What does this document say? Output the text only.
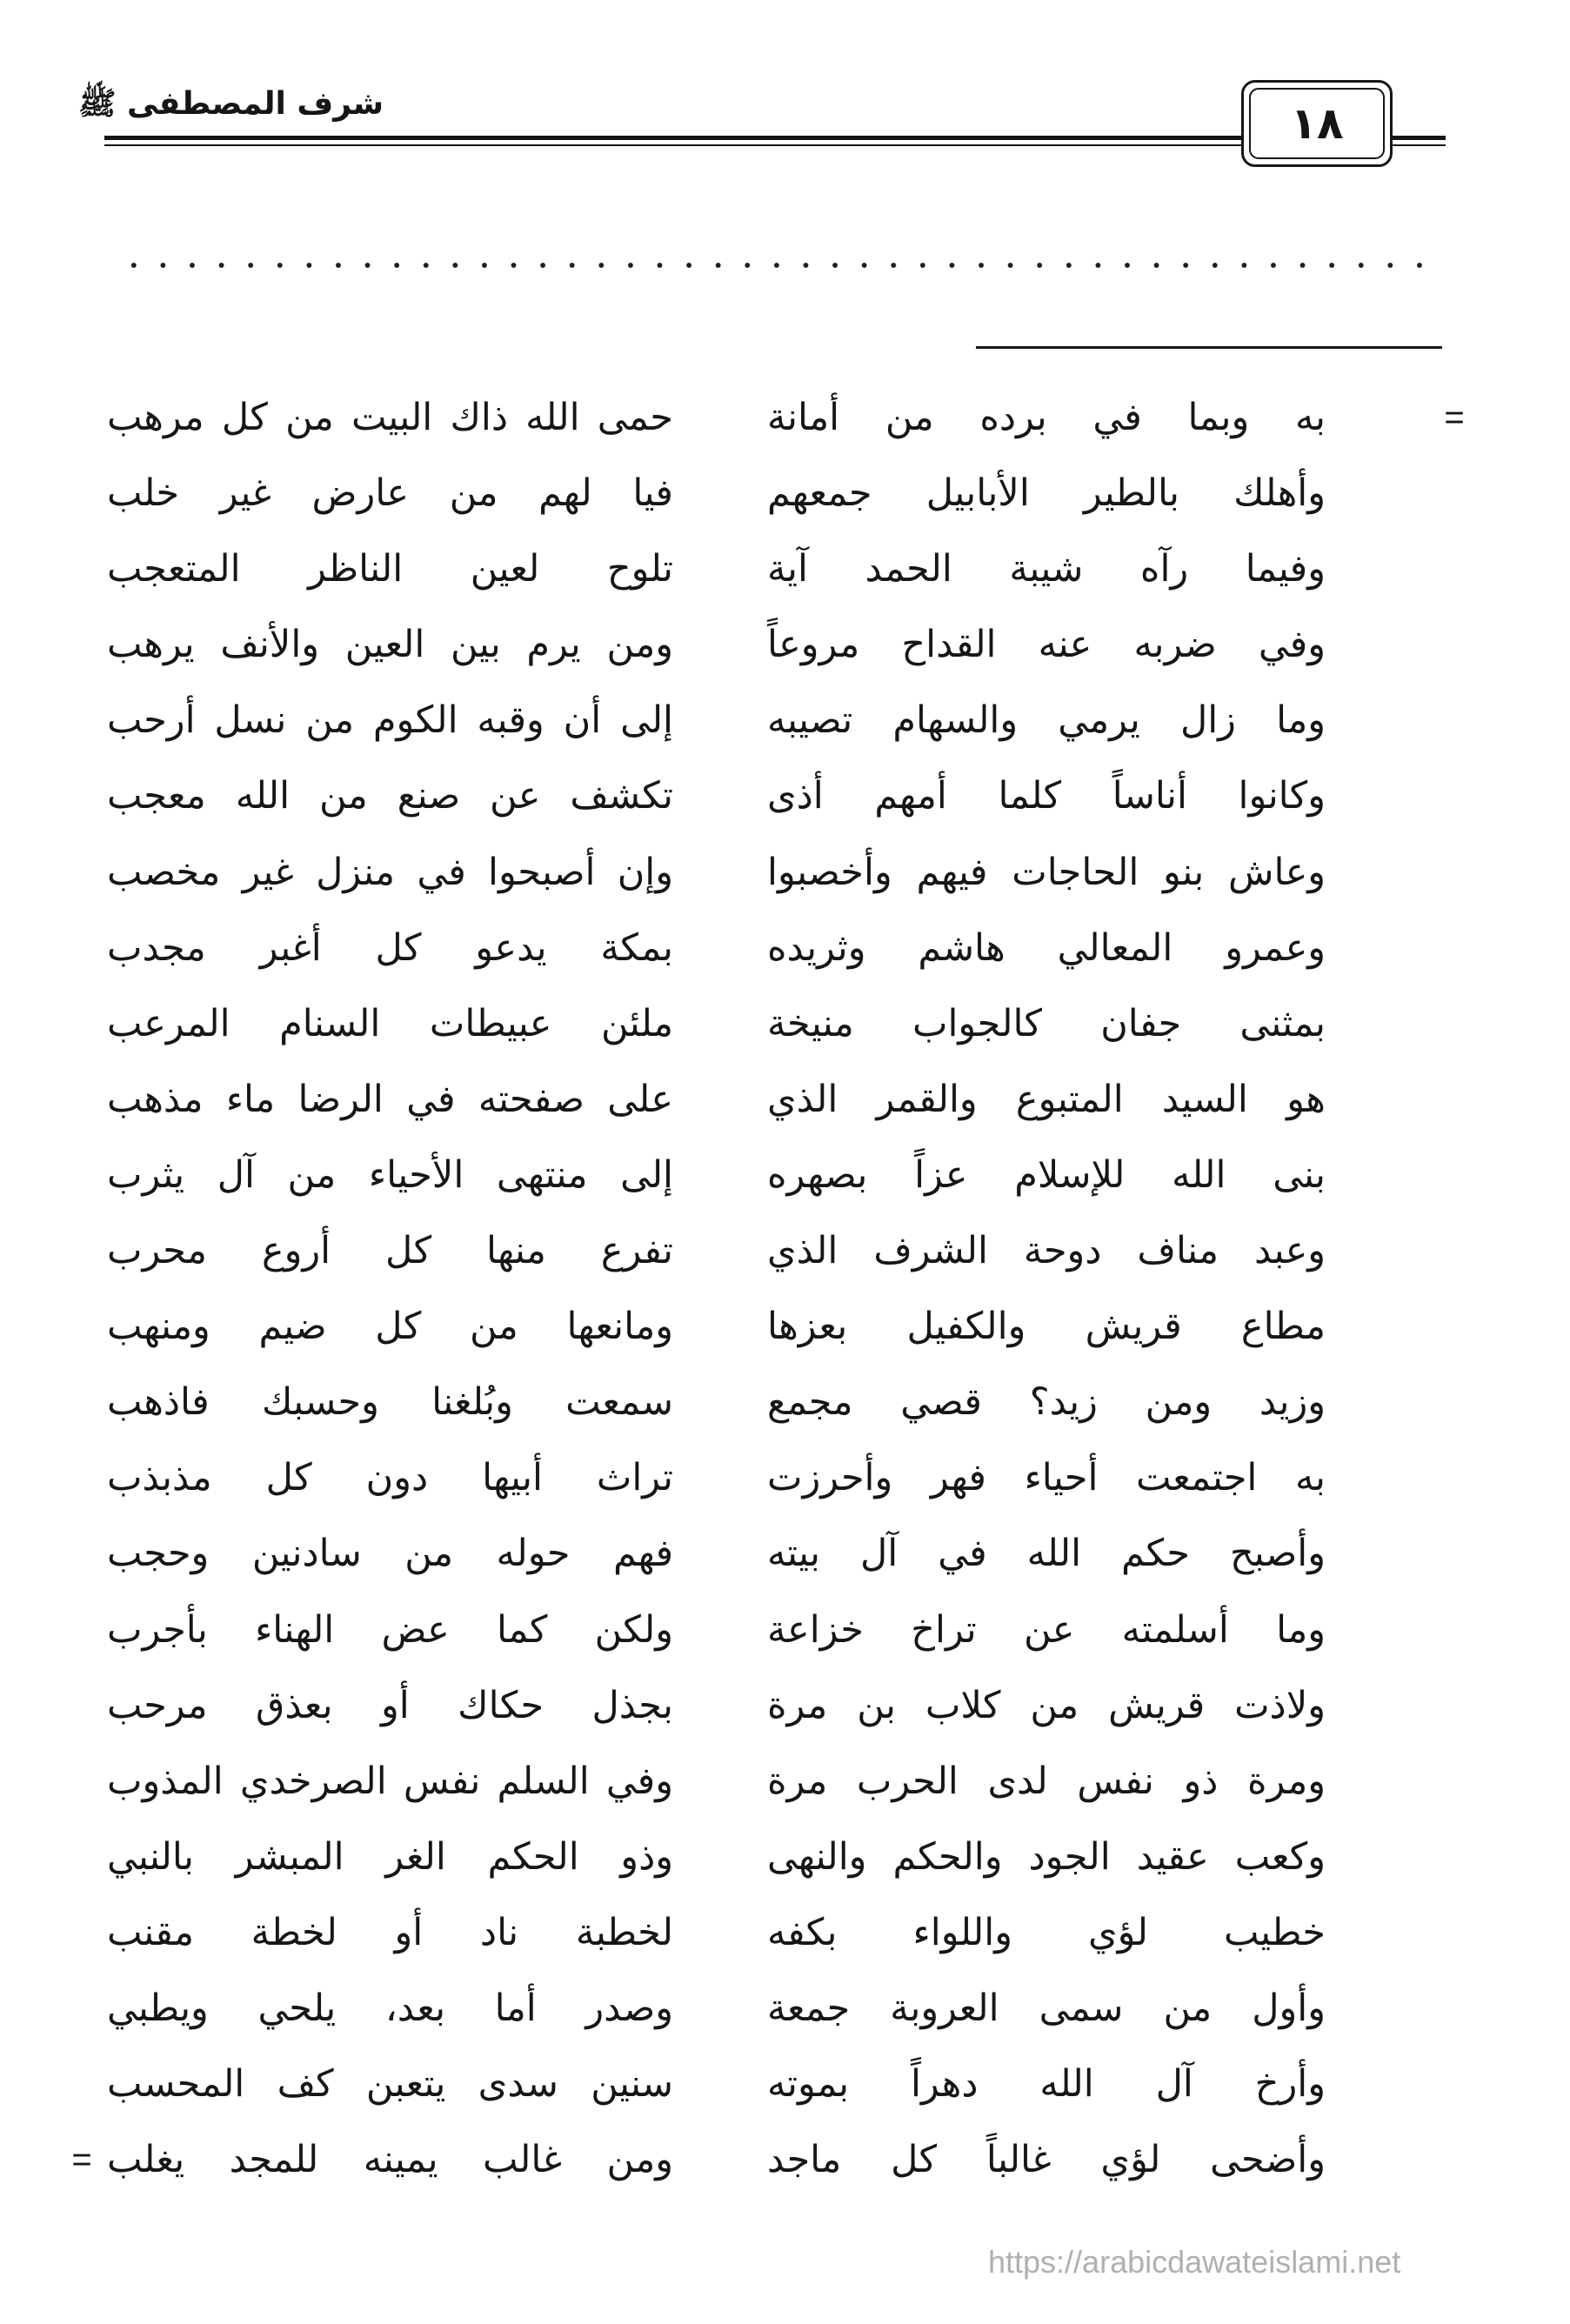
شرف المصطفى ﷺ	١٨
=
=
به وبما في برده من أمانة
حمى الله ذاك البيت من كل مرهب
وأهلك بالطير الأبابيل جمعهم
فيا لهم من عارض غير خلب
وفيما رآه شيبة الحمد آية
تلوح لعين الناظر المتعجب
وفي ضربه عنه القداح مروعاً
ومن يرم بين العين والأنف يرهب
وما زال يرمي والسهام تصيبه
إلى أن وقبه الكوم من نسل أرحب
وكانوا أناساً كلما أمهم أذى
تكشف عن صنع من الله معجب
وعاش بنو الحاجات فيهم وأخصبوا
وإن أصبحوا في منزل غير مخصب
وعمرو المعالي هاشم وثريده
بمكة يدعو كل أغبر مجدب
بمثنى جفان كالجواب منيخة
ملئن عبيطات السنام المرعب
هو السيد المتبوع والقمر الذي
على صفحته في الرضا ماء مذهب
بنى الله للإسلام عزاً بصهره
إلى منتهى الأحياء من آل يثرب
وعبد مناف دوحة الشرف الذي
تفرع منها كل أروع محرب
مطاع قريش والكفيل بعزها
ومانعها من كل ضيم ومنهب
وزيد ومن زيد؟ قصي مجمع
سمعت وبُلغنا وحسبك فاذهب
به اجتمعت أحياء فهر وأحرزت
تراث أبيها دون كل مذبذب
وأصبح حكم الله في آل بيته
فهم حوله من سادنين وحجب
وما أسلمته عن تراخ خزاعة
ولكن كما عض الهناء بأجرب
ولاذت قريش من كلاب بن مرة
بجذل حكاك أو بعذق مرحب
ومرة ذو نفس لدى الحرب مرة
وفي السلم نفس الصرخدي المذوب
وكعب عقيد الجود والحكم والنهى
وذو الحكم الغر المبشر بالنبي
خطيب لؤي واللواء بكفه
لخطبة ناد أو لخطة مقنب
وأول من سمى العروبة جمعة
وصدر أما بعد، يلحي ويطبي
وأرخ آل الله دهراً بموته
سنين سدى يتعبن كف المحسب
وأضحى لؤي غالباً كل ماجد
ومن غالب يمينه للمجد يغلب
https://arabicdawateislami.net
